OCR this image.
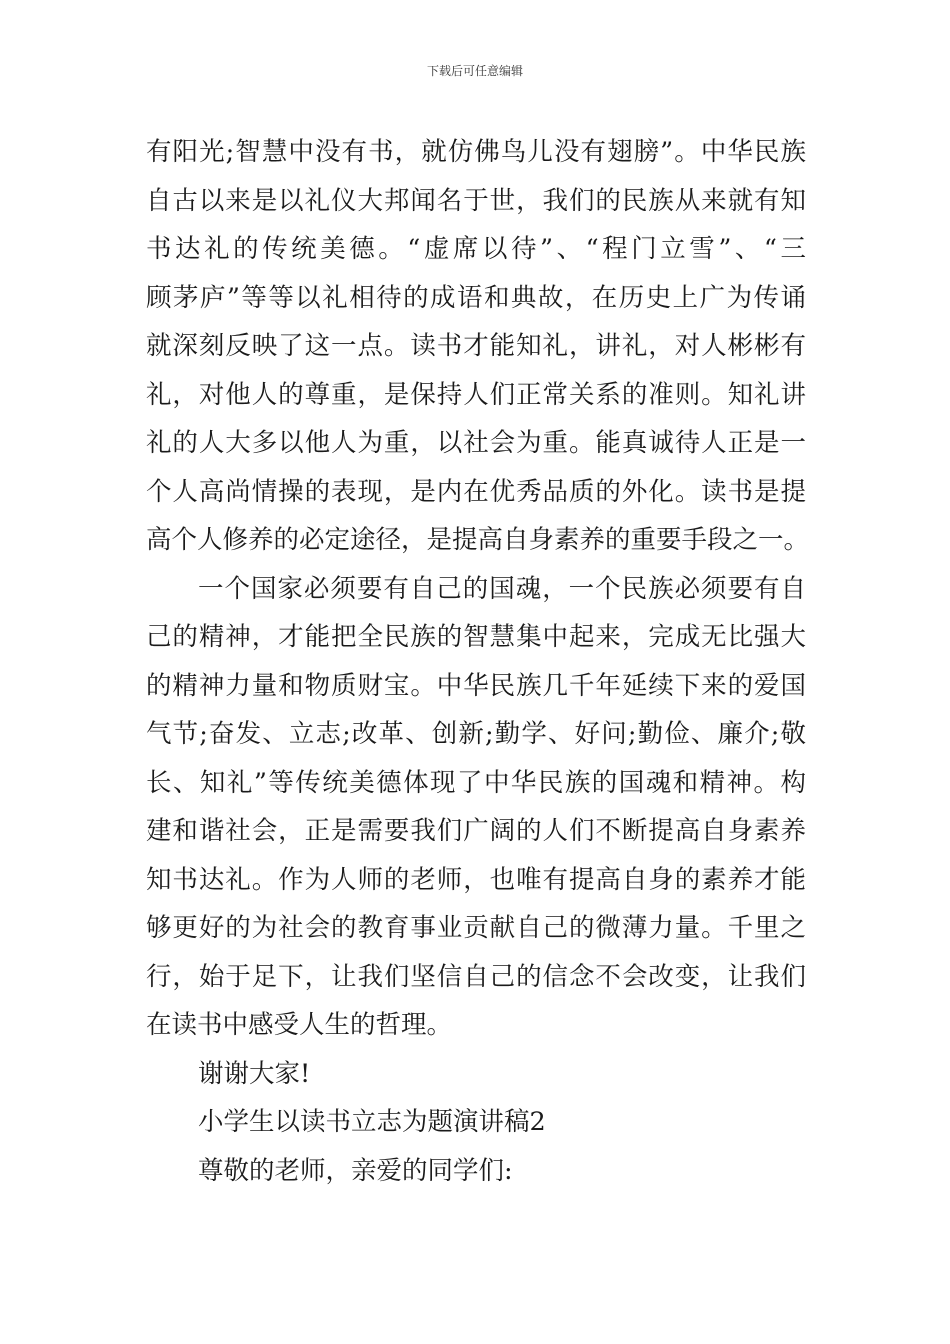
下载后可任意编辑
有阳光;智慧中没有书，就仿佛鸟儿没有翅膀”。中华民族
自古以来是以礼仪大邦闻名于世，我们的民族从来就有知
书达礼的传统美德。“虚席以待”、“程门立雪”、“三
顾茅庐”等等以礼相待的成语和典故，在历史上广为传诵
就深刻反映了这一点。读书才能知礼，讲礼，对人彬彬有
礼，对他人的尊重，是保持人们正常关系的准则。知礼讲
礼的人大多以他人为重，以社会为重。能真诚待人正是一
个人高尚情操的表现，是内在优秀品质的外化。读书是提
高个人修养的必定途径，是提高自身素养的重要手段之一。
一个国家必须要有自己的国魂，一个民族必须要有自
己的精神，才能把全民族的智慧集中起来，完成无比强大
的精神力量和物质财宝。中华民族几千年延续下来的爱国
气节;奋发、立志;改革、创新;勤学、好问;勤俭、廉介;敬
长、知礼”等传统美德体现了中华民族的国魂和精神。构
建和谐社会，正是需要我们广阔的人们不断提高自身素养
知书达礼。作为人师的老师，也唯有提高自身的素养才能
够更好的为社会的教育事业贡献自己的微薄力量。千里之
行，始于足下，让我们坚信自己的信念不会改变，让我们
在读书中感受人生的哲理。
谢谢大家!
小学生以读书立志为题演讲稿2
尊敬的老师，亲爱的同学们:
